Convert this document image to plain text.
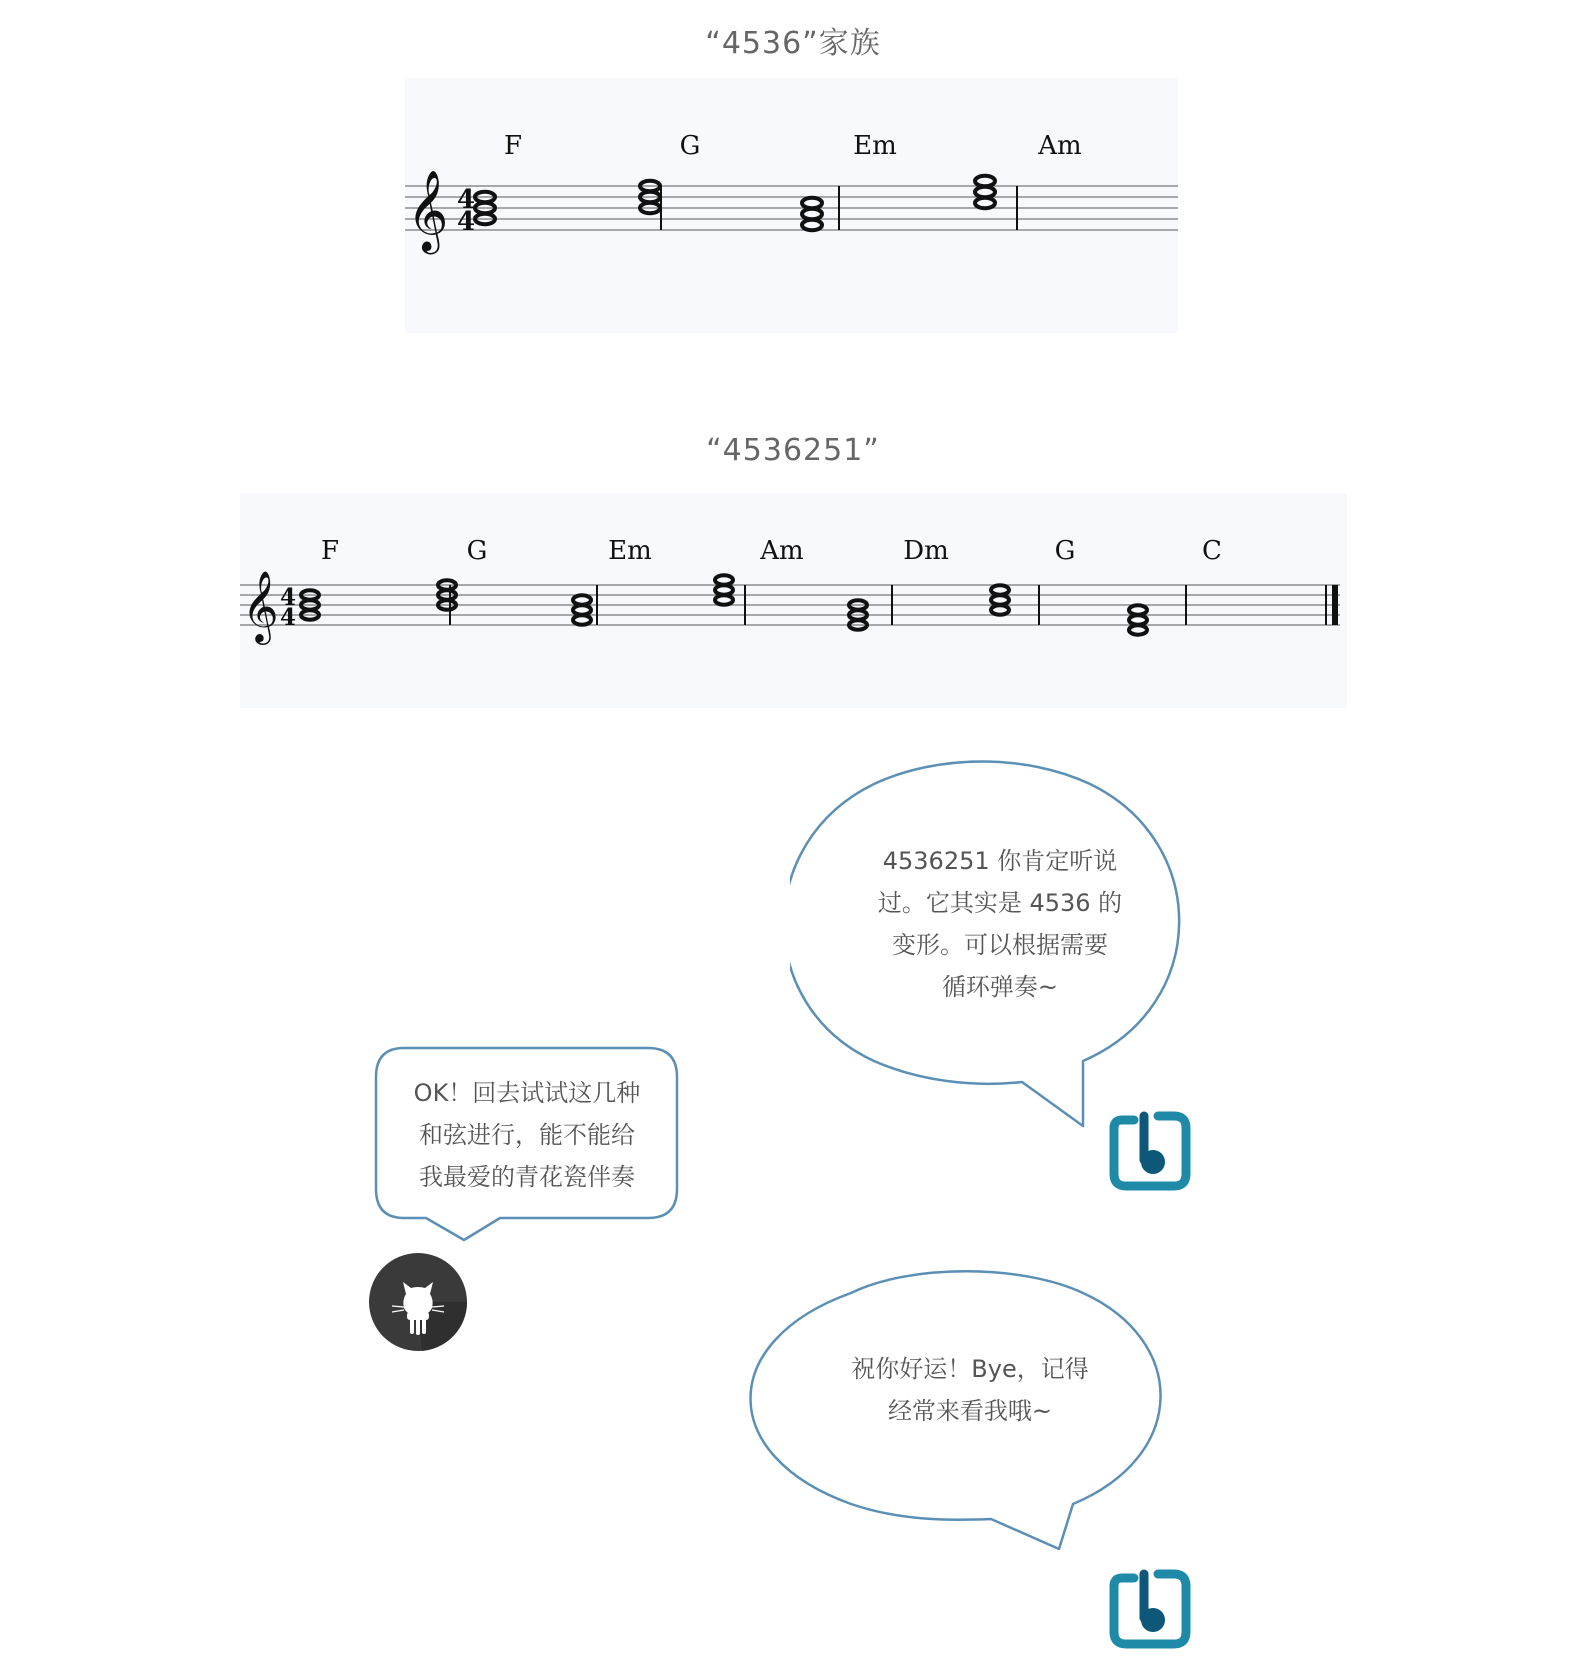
“4536”家族
𝄞 4
4
F	G	Em	Am
“4536251”
𝄞 4
4
F	G	Em	Am	Dm	G	C
4536251 你肯定听说
过。它其实是 4536 的
变形。可以根据需要
循环弹奏~
OK！回去试试这几种
和弦进行，能不能给
我最爱的青花瓷伴奏
祝你好运！Bye，记得
经常来看我哦~
